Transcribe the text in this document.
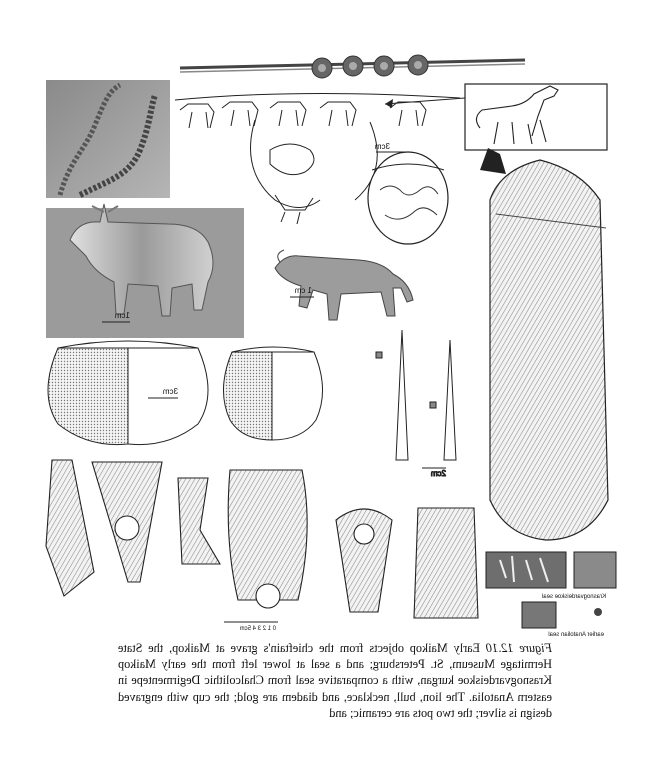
3cm
1cm
1 cm
3cm
2cm
0 1 2 3 4 5cm
Krasnogvardeiskoe seal
earlier Anatolian seal
Figure 12.10 Early Maikop objects from the chieftain's grave at Maikop, the State Hermitage Museum, St. Petersburg; and a seal at lower left from the early Maikop Krasnogvardeiskoe kurgan, with a comparative seal from Chalcolithic Degirmentepe in eastern Anatolia. The lion, bull, necklace, and diadem are gold; the cup with engraved design is silver; the two pots are ceramic; and
